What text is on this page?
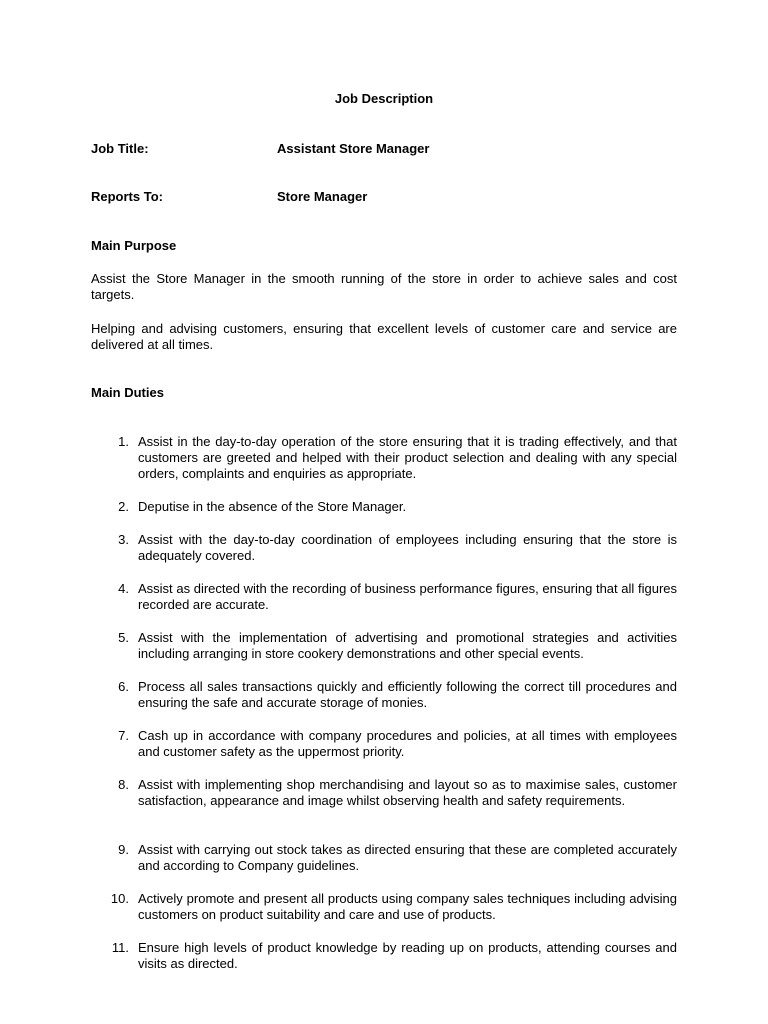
Job Description
Job Title:	Assistant Store Manager
Reports To:	Store Manager
Main Purpose
Assist the Store Manager in the smooth running of the store in order to achieve sales and cost targets.
Helping and advising customers, ensuring that excellent levels of customer care and service are delivered at all times.
Main Duties
1. Assist in the day-to-day operation of the store ensuring that it is trading effectively, and that customers are greeted and helped with their product selection and dealing with any special orders, complaints and enquiries as appropriate.
2. Deputise in the absence of the Store Manager.
3. Assist with the day-to-day coordination of employees including ensuring that the store is adequately covered.
4. Assist as directed with the recording of business performance figures, ensuring that all figures recorded are accurate.
5. Assist with the implementation of advertising and promotional strategies and activities including arranging in store cookery demonstrations and other special events.
6. Process all sales transactions quickly and efficiently following the correct till procedures and ensuring the safe and accurate storage of monies.
7. Cash up in accordance with company procedures and policies, at all times with employees and customer safety as the uppermost priority.
8. Assist with implementing shop merchandising and layout so as to maximise sales, customer satisfaction, appearance and image whilst observing health and safety requirements.
9. Assist with carrying out stock takes as directed ensuring that these are completed accurately and according to Company guidelines.
10. Actively promote and present all products using company sales techniques including advising customers on product suitability and care and use of products.
11. Ensure high levels of product knowledge by reading up on products, attending courses and visits as directed.
